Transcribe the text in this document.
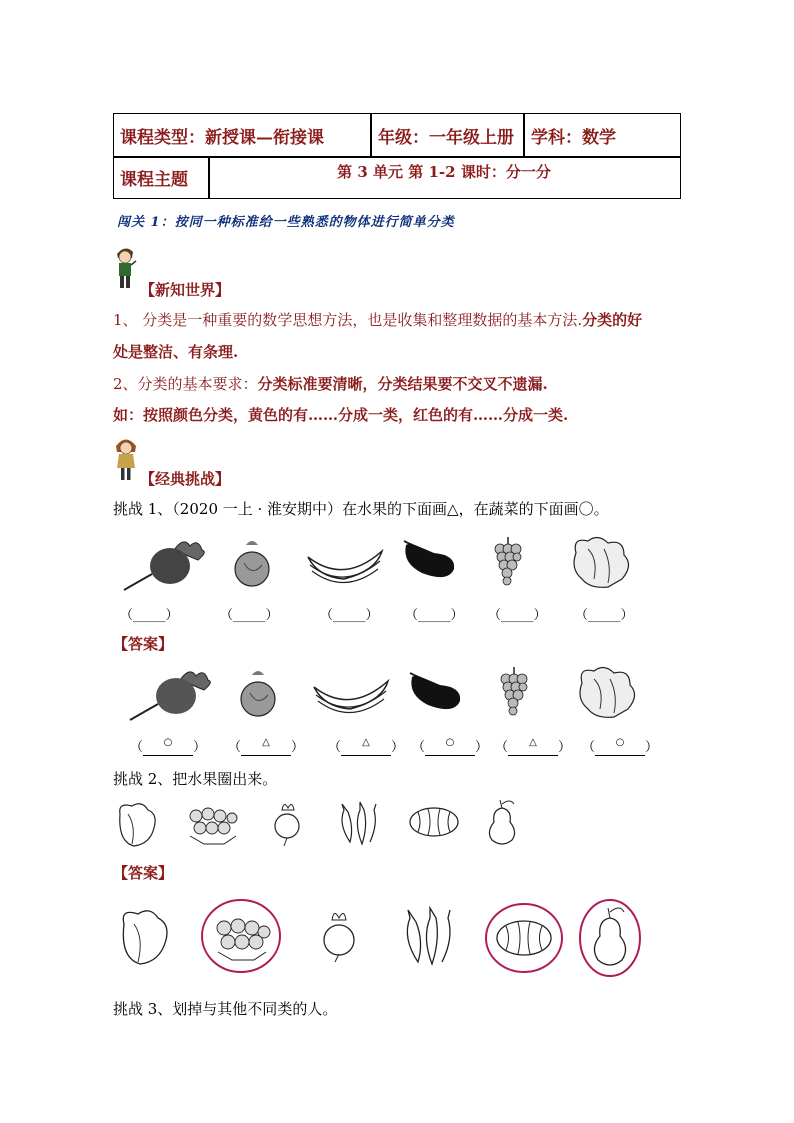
课程类型：新授课—衔接课	年级：一年级上册	学科：数学
课程主题	第 3 单元 第 1-2 课时：分一分
闯关 1：按同一种标准给一些熟悉的物体进行简单分类
【新知世界】
1、 分类是一种重要的数学思想方法，也是收集和整理数据的基本方法.分类的好
处是整洁、有条理.
2、分类的基本要求：分类标准要清晰，分类结果要不交叉不遗漏.
如：按照颜色分类，黄色的有……分成一类，红色的有……分成一类.
【经典挑战】
挑战 1、（2020 一上 · 淮安期中）在水果的下面画△，在蔬菜的下面画〇。
（_____）	（_____）	（_____） （_____） （_____） （_____）
【答案】
（ ○ ） （ △ ） （ △ ） （ ○ ） （ △ ） （ ○ ）
挑战 2、把水果圈出来。
【答案】
挑战 3、划掉与其他不同类的人。
